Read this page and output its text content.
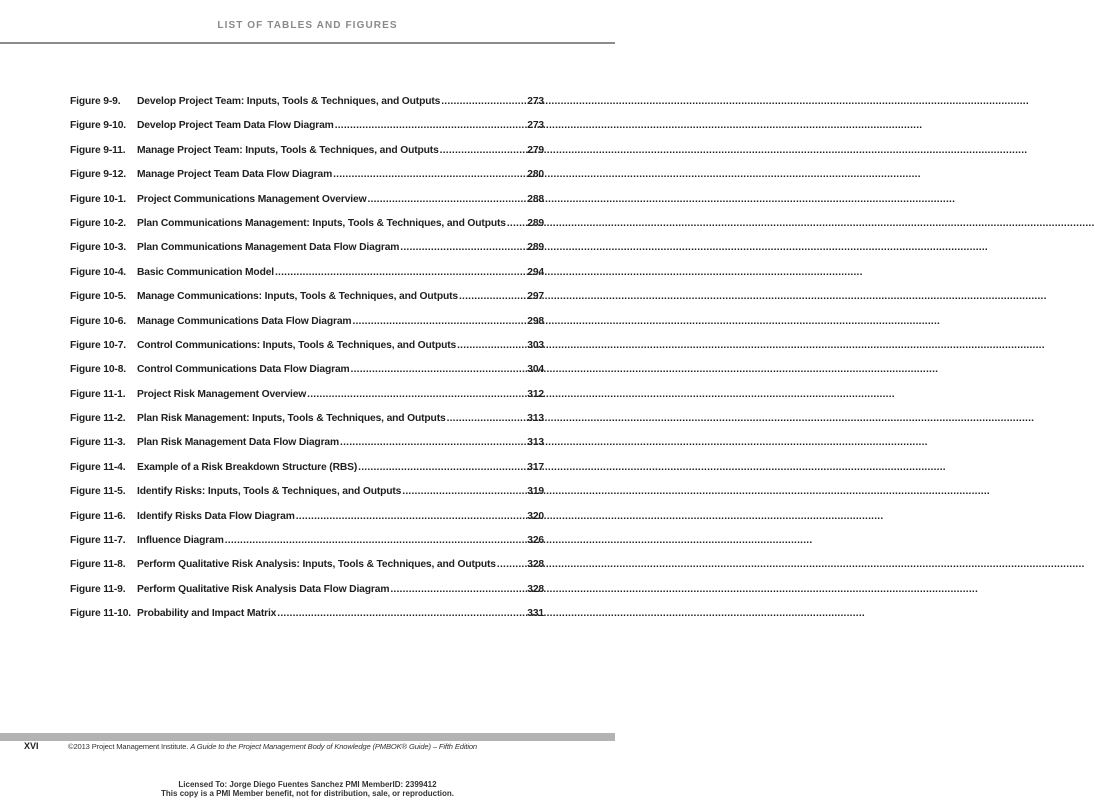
LIST OF TABLES AND FIGURES
Figure 9-9.	Develop Project Team: Inputs, Tools & Techniques, and Outputs .....	273
Figure 9-10.	Develop Project Team Data Flow Diagram .....	273
Figure 9-11.	Manage Project Team: Inputs, Tools & Techniques, and Outputs .....	279
Figure 9-12.	Manage Project Team Data Flow Diagram .....	280
Figure 10-1.	Project Communications Management Overview .....	288
Figure 10-2.	Plan Communications Management: Inputs, Tools & Techniques, and Outputs ..... 289
Figure 10-3.	Plan Communications Management Data Flow Diagram .....	289
Figure 10-4.	Basic Communication Model .....	294
Figure 10-5.	Manage Communications: Inputs, Tools & Techniques, and Outputs .....	297
Figure 10-6.	Manage Communications Data Flow Diagram .....	298
Figure 10-7.	Control Communications: Inputs, Tools & Techniques, and Outputs .....	303
Figure 10-8.	Control Communications Data Flow Diagram .....	304
Figure 11-1.	Project Risk Management Overview .....	312
Figure 11-2.	Plan Risk Management: Inputs, Tools & Techniques, and Outputs .....	313
Figure 11-3.	Plan Risk Management Data Flow Diagram .....	313
Figure 11-4.	Example of a Risk Breakdown Structure (RBS) .....	317
Figure 11-5.	Identify Risks: Inputs, Tools & Techniques, and Outputs .....	319
Figure 11-6.	Identify Risks Data Flow Diagram .....	320
Figure 11-7.	Influence Diagram .....	326
Figure 11-8.	Perform Qualitative Risk Analysis: Inputs, Tools & Techniques, and Outputs .....	328
Figure 11-9.	Perform Qualitative Risk Analysis Data Flow Diagram .....	328
Figure 11-10. Probability and Impact Matrix .....	331
XVI	©2013 Project Management Institute. A Guide to the Project Management Body of Knowledge (PMBOK® Guide) – Fifth Edition
Licensed To: Jorge Diego Fuentes Sanchez PMI MemberID: 2399412
This copy is a PMI Member benefit, not for distribution, sale, or reproduction.
